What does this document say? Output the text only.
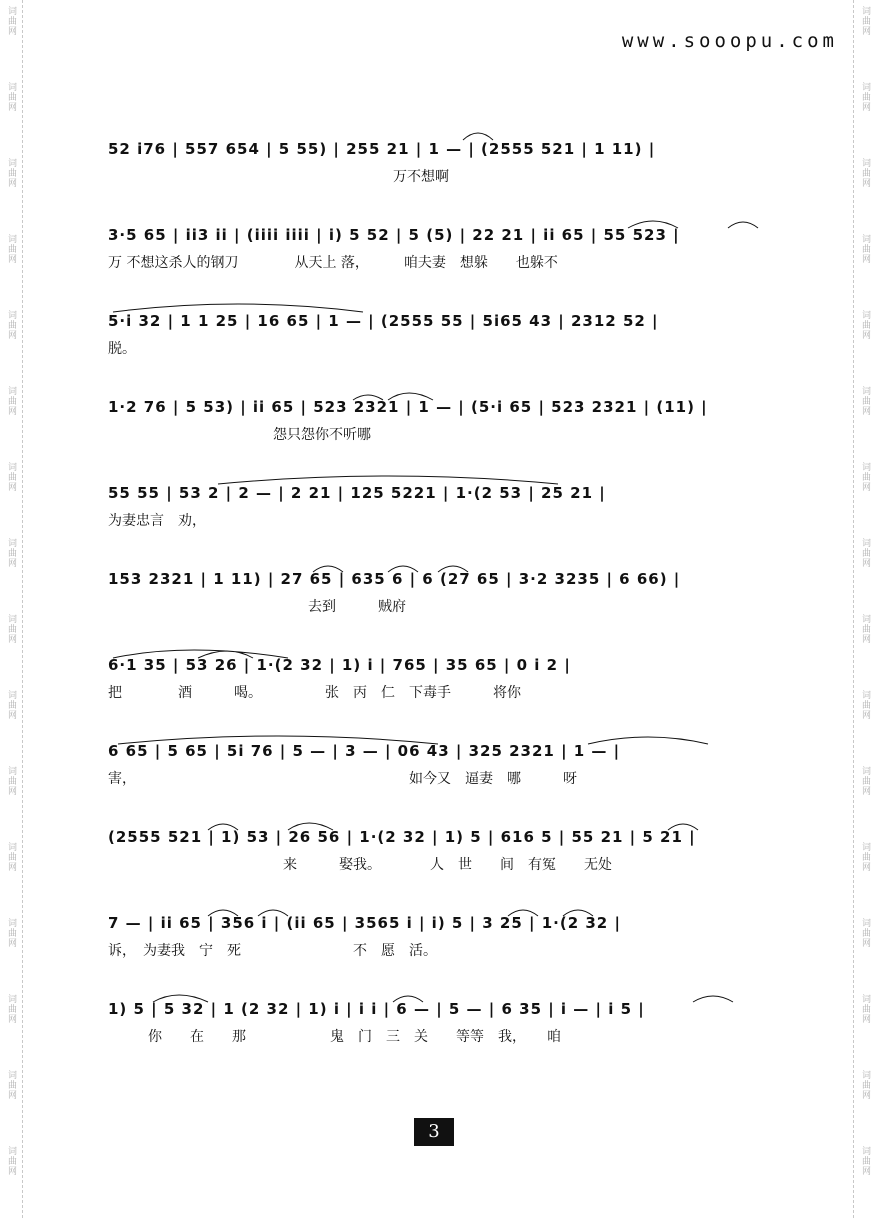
词曲网
词曲网
词曲网
词曲网
词曲网
词曲网
词曲网
词曲网
词曲网
词曲网
词曲网
词曲网
词曲网
词曲网
词曲网
词曲网
词曲网
词曲网
词曲网
词曲网
词曲网
词曲网
词曲网
词曲网
词曲网
词曲网
词曲网
词曲网
词曲网
词曲网
词曲网
词曲网
www.sooopu.com
52 i76 | 557 654 | 5 55) | 255 21 | 1 — | (2555 521 | 1 11) |
万不想啊
3·5 65 | ii3 ii | (iiii iiii | i) 5 52 | 5 (5) | 22 21 | ii 65 | 55 523 |
万 不想这杀人的钢刀　　　　从天上 落，　　　咱夫妻　想躲　　也躲不
5·i 32 | 1 1 25 | 16 65 | 1 — | (2555 55 | 5i65 43 | 2312 52 |
脱。
1·2 76 | 5 53) | ii 65 | 523 2321 | 1 — | (5·i 65 | 523 2321 | (11) |
怨只怨你不听哪
55 55 | 53 2 | 2 — | 2 21 | 125 5221 | 1·(2 53 | 25 21 |
为妻忠言　劝，
153 2321 | 1 11) | 27 65 | 635 6 | 6 (27 65 | 3·2 3235 | 6 66) |
去到　　　贼府
6·1 35 | 53 26 | 1·(2 32 | 1) i | 765 | 35 65 | 0 i 2 |
把　　　　酒　　　喝。　　　　　张　丙　仁　下毒手　　　将你
6 65 | 5 65 | 5i 76 | 5 — | 3 — | 06 43 | 325 2321 | 1 — |
害，　　　　　　　　　　　　　　　　　　　　如今又　逼妻　哪　　　呀
(2555 521 | 1) 53 | 26 56 | 1·(2 32 | 1) 5 | 616 5 | 55 21 | 5 21 |
来　　　娶我。　　　　人　世　　间　有冤　　无处
7 — | ii 65 | 356 i | (ii 65 | 3565 i | i) 5 | 3 25 | 1·(2 32 |
诉，　为妻我　宁　死　　　　　　　　不　愿　活。
1) 5 | 5 32 | 1 (2 32 | 1) i | i i | 6 — | 5 — | 6 35 | i — | i 5 |
你　　在　　那　　　　　　鬼　门　三　关　　等等　我，　　咱
3
